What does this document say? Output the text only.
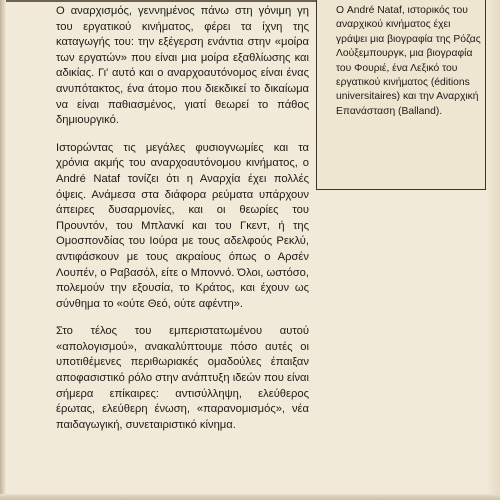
Ο αναρχισμός, γεννημένος πάνω στη γόνιμη γη του εργατικού κινήματος, φέρει τα ίχνη της καταγωγής του: την εξέγερση ενάντια στην «μοίρα των εργατών» που είναι μια μοίρα εξαθλίωσης και αδικίας. Γι' αυτό και ο αναρχοαυτόνομος είναι ένας ανυπότακτος, ένα άτομο που διεκδικεί το δικαίωμα να είναι παθιασμένος, γιατί θεωρεί το πάθος δημιουργικό.

Ιστορώντας τις μεγάλες φυσιογνωμίες και τα χρόνια ακμής του αναρχοαυτόνομου κινήματος, ο André Nataf τονίζει ότι η Αναρχία έχει πολλές όψεις. Ανάμεσα στα διάφορα ρεύματα υπάρχουν άπειρες δυσαρμονίες, και οι θεωρίες του Προυντόν, του Μπλανκί και του Γκεντ, ή της Ομοσπονδίας του Ιούρα με τους αδελφούς Ρεκλύ, αντιφάσκουν με τους ακραίους όπως ο Αρσέν Λουπέν, ο Ραβασόλ, είτε ο Μποννό. Όλοι, ωστόσο, πολεμούν την εξουσία, το Κράτος, και έχουν ως σύνθημα το «ούτε Θεό, ούτε αφέντη».

Στο τέλος του εμπεριστατωμένου αυτού «απολογισμού», ανακαλύπτουμε πόσο αυτές οι υποτιθέμενες περιθωριακές ομαδούλες έπαιξαν αποφασιστικό ρόλο στην ανάπτυξη ιδεών που είναι σήμερα επίκαιρες: αντισύλληψη, ελεύθερος έρωτας, ελεύθερη ένωση, «παρανομισμός», νέα παιδαγωγική, συνεταιριστικό κίνημα.

Ο André Nataf, ιστορικός του αναρχικού κινήματος έχει γράψει μια βιογραφία της Ρόζας Λούξεμπουργκ, μια βιογραφία του Φουριέ, ένα Λεξικό του εργατικού κινήματος (éditions universitaires) και την Αναρχική Επανάσταση (Balland).
